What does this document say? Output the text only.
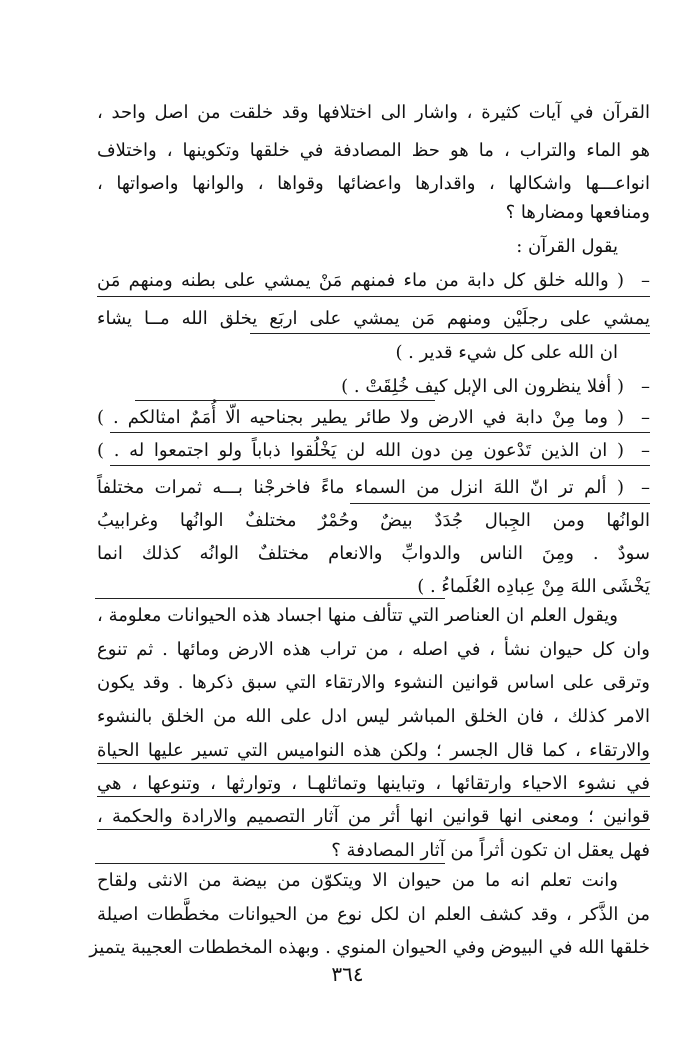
القرآن في آيات كثيرة ، واشار الى اختلافها وقد خلقت من اصل واحد ،
هو الماء والتراب ، ما هو حظ المصادفة في خلقها وتكوينها ، واختلاف
انواعـــها واشكالها ، واقدارها واعضائها وقواها ، والوانها واصواتها ،
ومنافعها ومضارها ؟
يقول القرآن :
–
( والله خلق كل دابة من ماء فمنهم مَنْ يمشي على بطنه ومنهم مَن
يمشي على رجلَيْن ومنهم مَن يمشي على اربَع يخلق الله مــا يشاء
ان الله على كل شيء قدير . )
–
( أفلا ينظرون الى الإبل كيف خُلِقَتْ . )
–
( وما مِنْ دابة في الارض ولا طائر يطير بجناحيه الّا أُمَمٌ امثالكم . )
–
( ان الذين تَدْعون مِن دون الله لن يَخْلُقوا ذباباً ولو اجتمعوا له . )
–
( ألم تر انّ اللهَ انزل من السماء ماءً فاخرجْنا بـــه ثمرات مختلفاً
الوانُها ومن الجِبال جُدَدٌ بيضٌ وحُمْرٌ مختلفٌ الوانُها وغرابيبُ
سودٌ . ومِنَ الناس والدوابِّ والانعام مختلفٌ الوانُه كذلك انما
يَخْشَى اللهَ مِنْ عِبادِه العُلَماءُ . )
ويقول العلم ان العناصر التي تتألف منها اجساد هذه الحيوانات معلومة ،
وان كل حيوان نشأ ، في اصله ، من تراب هذه الارض ومائها . ثم تنوع
وترقى على اساس قوانين النشوء والارتقاء التي سبق ذكرها . وقد يكون
الامر كذلك ، فان الخلق المباشر ليس ادل على الله من الخلق بالنشوء
والارتقاء ، كما قال الجسر ؛ ولكن هذه النواميس التي تسير عليها الحياة
في نشوء الاحياء وارتقائها ، وتباينها وتماثلهـا ، وتوارثها ، وتنوعها ، هي
قوانين ؛ ومعنى انها قوانين انها أثر من آثار التصميم والارادة والحكمة ،
فهل يعقل ان تكون أثراً من آثار المصادفة ؟
وانت تعلم انه ما من حيوان الا ويتكوّن من بيضة من الانثى ولقاح
من الذَّكر ، وقد كشف العلم ان لكل نوع من الحيوانات مخطَّطات اصيلة
خلقها الله في البيوض وفي الحيوان المنوي . وبهذه المخططات العجيبة يتميز
٣٦٤
